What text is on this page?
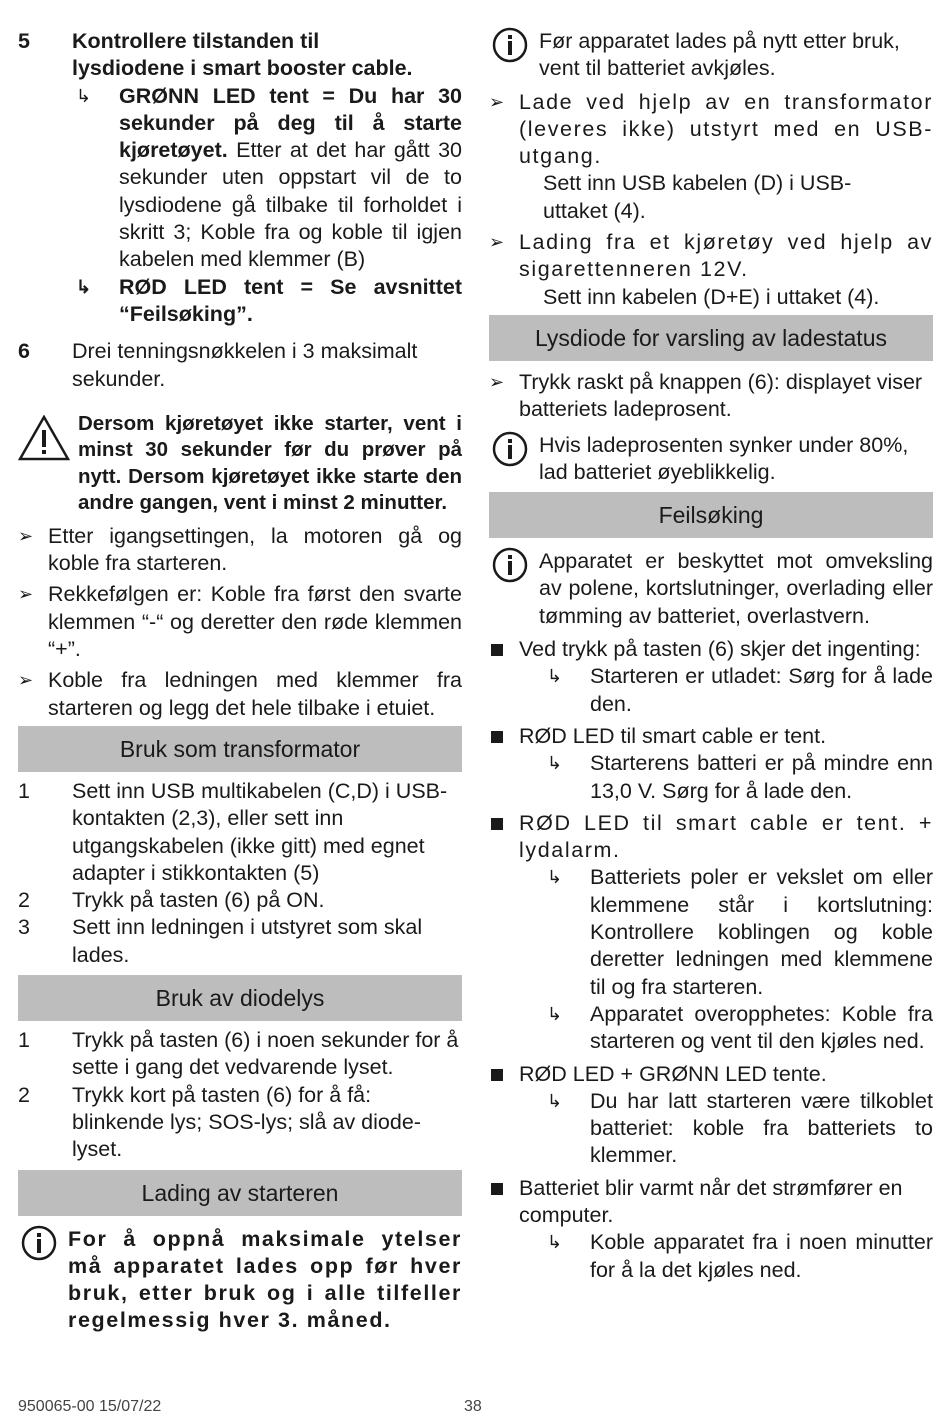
5 Kontrollere tilstanden til
lysdiodene i smart booster cable.
↳ GRØNN LED tent = Du har 30 sekunder på deg til å starte kjøretøyet. Etter at det har gått 30 sekunder uten oppstart vil de to lysdiodene gå tilbake til forholdet i skritt 3; Koble fra og koble til igjen kabelen med klemmer (B)
↳ RØD LED tent = Se avsnittet “Feilsøking”.
6 Drei tenningsnøkkelen i 3 maksimalt sekunder.
Dersom kjøretøyet ikke starter, vent i minst 30 sekunder før du prøver på nytt. Dersom kjøretøyet ikke starte den andre gangen, vent i minst 2 minutter.
➢ Etter igangsettingen, la motoren gå og koble fra starteren.
➢ Rekkefølgen er: Koble fra først den svarte klemmen “-“ og deretter den røde klemmen “+”.
➢ Koble fra ledningen med klemmer fra starteren og legg det hele tilbake i etuiet.
Bruk som transformator
1 Sett inn USB multikabelen (C,D) i USB-kontakten (2,3), eller sett inn utgangskabelen (ikke gitt) med egnet adapter i stikkontakten (5)
2 Trykk på tasten (6) på ON.
3 Sett inn ledningen i utstyret som skal lades.
Bruk av diodelys
1 Trykk på tasten (6) i noen sekunder for å sette i gang det vedvarende lyset.
2 Trykk kort på tasten (6) for å få: blinkende lys; SOS-lys; slå av diode-lyset.
Lading av starteren
For å oppnå maksimale ytelser må apparatet lades opp før hver bruk, etter bruk og i alle tilfeller regelmessig hver 3. måned.
Før apparatet lades på nytt etter bruk, vent til batteriet avkjøles.
➢ Lade ved hjelp av en transformator (leveres ikke) utstyrt med en USB-utgang.
Sett inn USB kabelen (D) i USB-uttaket (4).
➢ Lading fra et kjøretøy ved hjelp av sigarettenneren 12V.
Sett inn kabelen (D+E) i uttaket (4).
Lysdiode for varsling av ladestatus
➢ Trykk raskt på knappen (6): displayet viser batteriets ladeprosent.
Hvis ladeprosenten synker under 80%, lad batteriet øyeblikkelig.
Feilsøking
Apparatet er beskyttet mot omveksling av polene, kortslutninger, overlading eller tømming av batteriet, overlastvern.
Ved trykk på tasten (6) skjer det ingenting:
↳ Starteren er utladet: Sørg for å lade den.
RØD LED til smart cable er tent.
↳ Starterens batteri er på mindre enn 13,0 V. Sørg for å lade den.
RØD LED til smart cable er tent. + lydalarm.
↳ Batteriets poler er vekslet om eller klemmene står i kortslutning: Kontrollere koblingen og koble deretter ledningen med klemmene til og fra starteren.
↳ Apparatet overopphetes: Koble fra starteren og vent til den kjøles ned.
RØD LED + GRØNN LED tente.
↳ Du har latt starteren være tilkoblet batteriet: koble fra batteriets to klemmer.
Batteriet blir varmt når det strømfører en computer.
↳ Koble apparatet fra i noen minutter for å la det kjøles ned.
950065-00 15/07/22	38
